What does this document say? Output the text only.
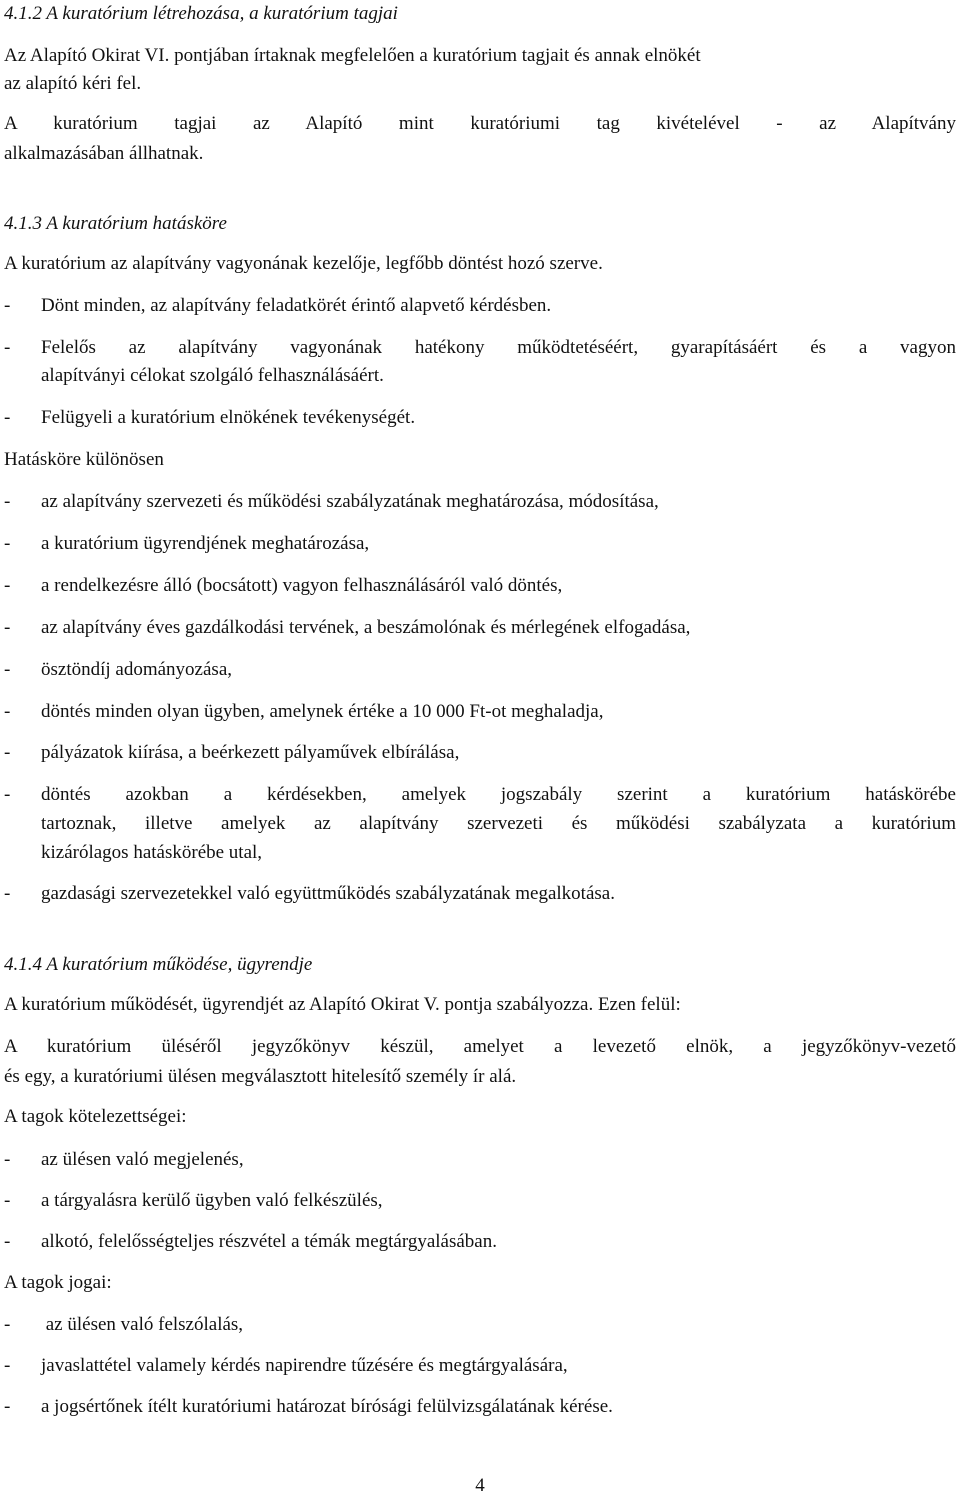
4.1.2 A kuratórium létrehozása, a kuratórium tagjai
Az Alapító Okirat VI. pontjában írtaknak megfelelően a kuratórium tagjait és annak elnökét
az alapító kéri fel.
A kuratórium tagjai az Alapító mint kuratóriumi tag kivételével - az Alapítvány
alkalmazásában állhatnak.
4.1.3 A kuratórium hatásköre
A kuratórium az alapítvány vagyonának kezelője, legfőbb döntést hozó szerve.
-	Dönt minden, az alapítvány feladatkörét érintő alapvető kérdésben.
-	Felelős az alapítvány vagyonának hatékony működtetéséért, gyarapításáért és a vagyon
alapítványi célokat szolgáló felhasználásáért.
-	Felügyeli a kuratórium elnökének tevékenységét.
Hatásköre különösen
-	az alapítvány szervezeti és működési szabályzatának meghatározása, módosítása,
-	a kuratórium ügyrendjének meghatározása,
-	a rendelkezésre álló (bocsátott) vagyon felhasználásáról való döntés,
-	az alapítvány éves gazdálkodási tervének, a beszámolónak és mérlegének elfogadása,
-	ösztöndíj adományozása,
-	döntés minden olyan ügyben, amelynek értéke a 10 000 Ft-ot meghaladja,
-	pályázatok kiírása, a beérkezett pályaművek elbírálása,
-	döntés azokban a kérdésekben, amelyek jogszabály szerint a kuratórium hatáskörébe
tartoznak, illetve amelyek az alapítvány szervezeti és működési szabályzata a kuratórium
kizárólagos hatáskörébe utal,
-	gazdasági szervezetekkel való együttműködés szabályzatának megalkotása.
4.1.4 A kuratórium működése, ügyrendje
A kuratórium működését, ügyrendjét az Alapító Okirat V. pontja szabályozza. Ezen felül:
A kuratórium üléséről jegyzőkönyv készül, amelyet a levezető elnök, a jegyzőkönyv-vezető
és egy, a kuratóriumi ülésen megválasztott hitelesítő személy ír alá.
A tagok kötelezettségei:
-	az ülésen való megjelenés,
-	a tárgyalásra kerülő ügyben való felkészülés,
-	alkotó, felelősségteljes részvétel a témák megtárgyalásában.
A tagok jogai:
-	az ülésen való felszólalás,
-	javaslattétel valamely kérdés napirendre tűzésére és megtárgyalására,
-	a jogsértőnek ítélt kuratóriumi határozat bírósági felülvizsgálatának kérése.
4
